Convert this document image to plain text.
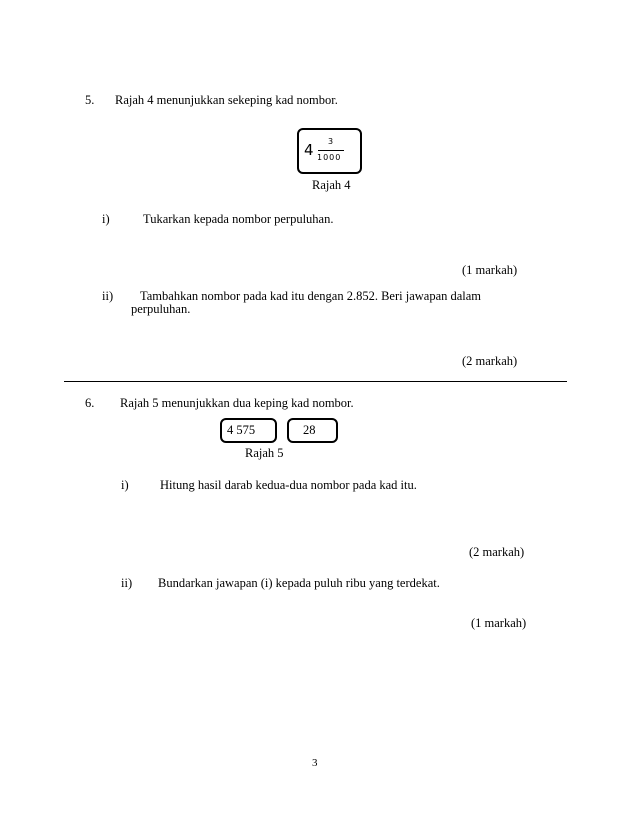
5. Rajah 4 menunjukkan sekeping kad nombor.
4 3
1000
Rajah 4
i)	Tukarkan kepada nombor perpuluhan.
(1 markah)
ii) Tambahkan nombor pada kad itu dengan 2.852. Beri jawapan dalam
perpuluhan.
(2 markah)
6. Rajah 5 menunjukkan dua keping kad nombor.
4 575	28
Rajah 5
i)	Hitung hasil darab kedua-dua nombor pada kad itu.
(2 markah)
ii) Bundarkan jawapan (i) kepada puluh ribu yang terdekat.
(1 markah)
3
